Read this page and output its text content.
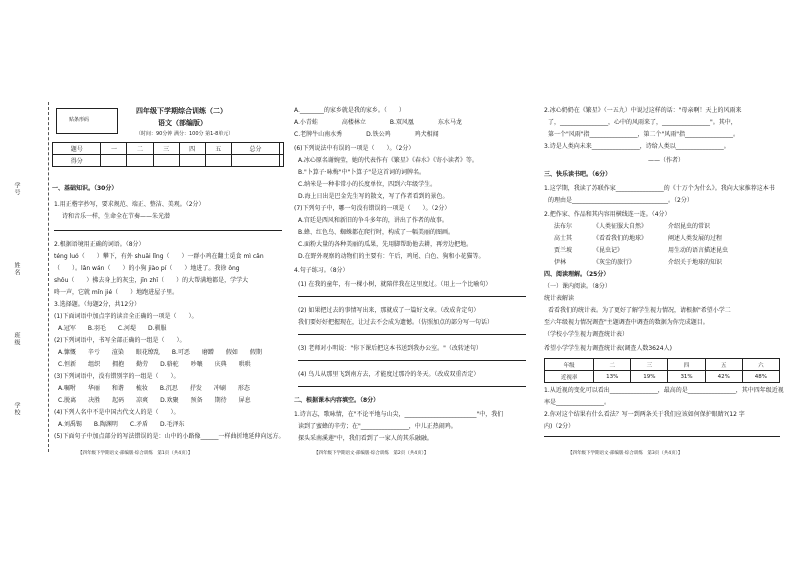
学号
姓名
班级
学校
贴条形码
四年级下学期综合训练（二）
语文（部编版）
（时间：90分钟 满分：100分 第1-8单元）
题号	一	二	三	四	五	总分	
得分							
一、基础知识。（30分）
1.用正楷字抄写，要求规范、端正、整洁、美观。（2分）
诗和音乐一样，生命全在节奏——朱光潜
2.根据语境用正确的词语。（8分）
téng luó（　　）攀下，有外 shuāi lǐng（　　）一群小鸡在翻土觅食 mì cǎn
（　　）。lǎn wán（　　）的小狗 jiào pí（　　）地进了。我徐 ǒng
shǒu（　　）拂去身上的灰尘，jīn zhī（　　）的大帮满地都是，学学大
咚一声，它就 mǐn jié（　　）地跑进屋子里。
3.选择题。（每题2分，共12分）
(1)下面词语中加点字的读音全正确的一项是（　　）。
A.冠军　　B.羽毛　　C.河堤　　D.驯服
(2)下列词语中，书写全部正确的一组是（　　）。
A.慷慨　　辛亏　　渲染　　眼花缭乱　　B.可恶　　磨蹭　　假如　　假期
C.恒新　　组织　　拥抱　　勤劳　　D.骆驼　　吵嚷　　庆典　　哄哄
(3)下列词语中，没有错别字的一组是（　　）。
A.嘱咐　　华丽　　和谐　　梳妆　　B.沉思　　抒发　　冲刷　　形态
C.脱离　　决胜　　起码　　凉爽　　D.欢聚　　预备　　期待　　屏息
(4)下列人名中不是中国古代文人的是（　　）。
A.刘禹锡　　B.陶渊明　　C.矛盾　　D.毛泽东
(5)下面句子中加点部分的写法错误的是：山中的小路像______一样曲折地延伸向远方。
【四年级下学期语文·部编版·综合训练　第1页（共4页）】
A.________的家乡就是我的家乡。（　　）
A.小青蛙　　　　高楼林立　　　　B.双风凰　　　　东水马龙
C.老牌牛山南水秀　　　　D.铁公鸡　　　　鸡犬相闻
(6)下列说法中有误的一项是（　　）。（2分）
A.冰心原名谢婉莹，她的代表作有《繁星》《春水》《寄小读者》等。
B."卜算子·咏梅"中"卜算子"是这首词的词牌名。
C.纳米是一种非常小的长度单位，四到六年级学生。
D.海上日出是巴金先生写的散文，写了作者看到的景色。
(7)下列句子中，哪一句没有错误的一项是（　　）。（2分）
A.宫廷是西风和新旧的争斗多年的，讲出了作者的故事。
B.蜂、红色鸟、蜘蛛都在爬行时，构成了一幅美丽的图画。
C.面粉大量的各种美丽的瓜果，先用脚帮助他去耕，再旁边把地。
D.在野外观察的动物们的主要有：午后，鸡尾、白色、狗和小花猫等。
4.句子练习。（8分）
(1) 在我的童年，有一棵小树，就陪伴我在这里度过。（用上一个比喻句）
(2) 如果把过去的事情写出来，那就成了一篇好文章。（改成肯定句）
我们要好好把握现在，让过去不会成为遗憾。（仿照加点的部分写一句话）
(3) 老师对小明说："你下课后把这本书送到我办公室。"（改转述句）
(4) 鸟儿从那里飞到南方去，才能度过那冷的冬天。（改成双重否定）
二、根据课本内容填空。（8分）
1.诗言志，歌咏情，在"不论平地与山尖，________________________"中，我们
读到了蜜蜂的辛劳；在"________________，中儿正热闹鸡。
探头采南溪莲"中，我们看到了一家人的其乐融融。
【四年级下学期语文·部编版·综合训练　第2页（共4页）】
2.冰心奶奶在《繁星》（一五九）中说过这样的话："母亲啊！天上的风雨来
了，________________，心中的风雨来了，________________"。其中，
第一个"风雨"指________________，第二个"风雨"指________________。
3.诗是人类向未来________________，诗给人类以________________。
——（作者）
三、快乐读书吧。（6分）
1.这学期，我读了苏联作家________________的《十万个为什么》。我向大家推荐这本书
的理由是________________________________。（2分）
2.把作家、作品和其内容用横线连一连。（4分）
法布尔　　　　《人类征服大自然》　　　　介绍昆虫的常识
高士其　　　　《看看我们的地球》　　　　阐述人类发展的过程
贾兰坡　　　　《昆虫记》　　　　　　　　用生动的语言描述昆虫
伊林　　　　　《灰尘的旅行》　　　　　　介绍关于地球的知识
四、阅读理解。（25分）
（一）课内阅读。（8分）
统计表解读
看看我们的统计表。为了更好了解学生视力情况，请根据"希望小学二
至六年级视力情况调查"主题调查中调查的数据为你完成题目。
（学校小学生视力调查统计表）
希望小学学生视力调查统计表(调查人数3624人)
年级	二	三	四	五	六
近视率	13%	19%	31%	42%	48%
1.从近视的变化可以看出________________，最高的是________________，其中四年级近视
率是________________。
2.你对这个结果有什么看法？写一到两条关于我们应该如何保护眼睛?(12 字
内)（2分）
【四年级下学期语文·部编版·综合训练　第3页（共4页）】
